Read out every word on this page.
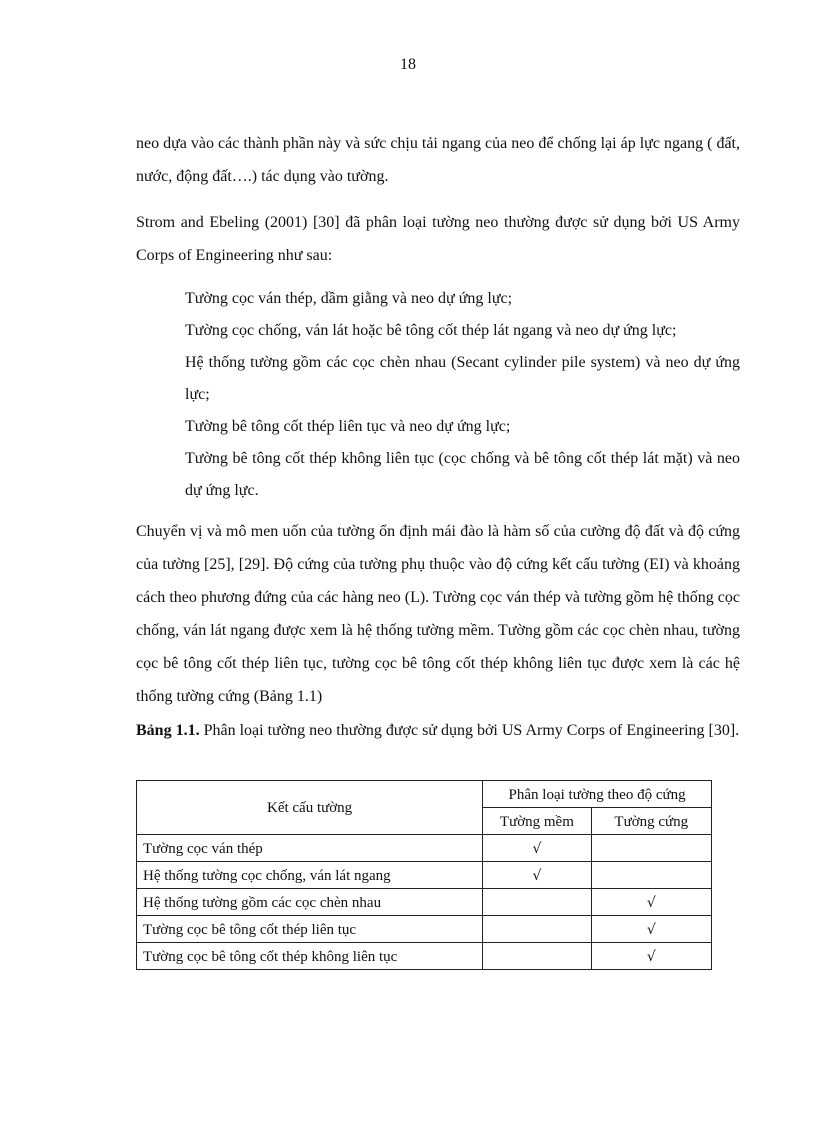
18

neo dựa vào các thành phần này và sức chịu tải ngang của neo để chống lại áp lực ngang ( đất, nước, động đất….) tác dụng vào tường.

Strom and Ebeling (2001) [30] đã phân loại tường neo thường được sử dụng bởi US Army Corps of Engineering như sau:

Tường cọc ván thép, dầm giằng và neo dự ứng lực;
Tường cọc chống, ván lát hoặc bê tông cốt thép lát ngang và neo dự ứng lực;
Hệ thống tường gồm các cọc chèn nhau (Secant cylinder pile system) và neo dự ứng lực;
Tường bê tông cốt thép liên tục và neo dự ứng lực;
Tường bê tông cốt thép không liên tục (cọc chống và bê tông cốt thép lát mặt) và neo dự ứng lực.

Chuyển vị và mô men uốn của tường ổn định mái đào là hàm số của cường độ đất và độ cứng của tường [25], [29]. Độ cứng của tường phụ thuộc vào độ cứng kết cấu tường (EI) và khoảng cách theo phương đứng của các hàng neo (L). Tường cọc ván thép và tường gồm hệ thống cọc chống, ván lát ngang được xem là hệ thống tường mềm. Tường gồm các cọc chèn nhau, tường cọc bê tông cốt thép liên tục, tường cọc bê tông cốt thép không liên tục được xem là các hệ thống tường cứng (Bảng 1.1)

Bảng 1.1. Phân loại tường neo thường được sử dụng bởi US Army Corps of Engineering [30].

Kết cấu tường	Phân loại tường theo độ cứng	
	Tường mềm	Tường cứng
Tường cọc ván thép	√	
Hệ thống tường cọc chống, ván lát ngang	√	
Hệ thống tường gồm các cọc chèn nhau		√
Tường cọc bê tông cốt thép liên tục		√
Tường cọc bê tông cốt thép không liên tục		√
